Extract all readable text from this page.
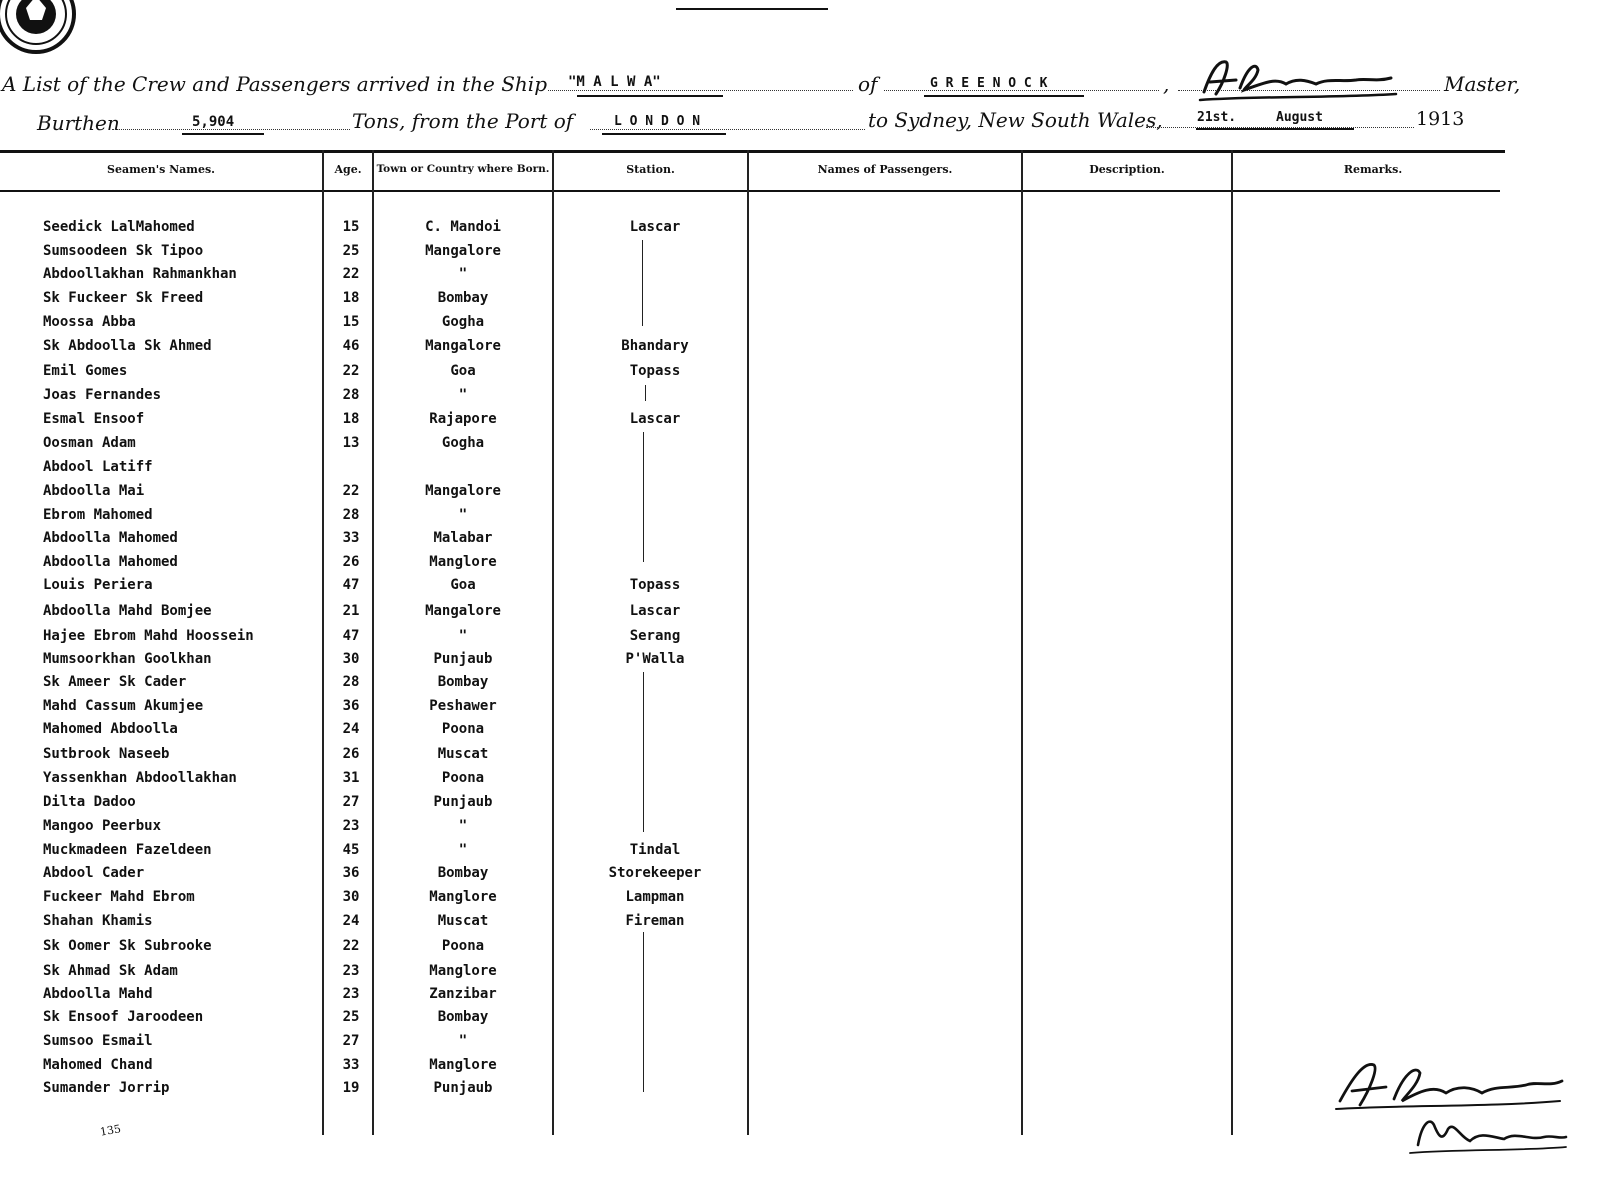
A List of the Crew and Passengers arrived in the Ship "M A L W A"	of	G R E E N O C K	,	Master,
Burthen	5,904	Tons, from the Port of	L O N D O N	to Sydney, New South Wales,	21st.	August	1913
Seamen's Names.	Age.	Town or Country where Born.	Station.	Names of Passengers.	Description.	Remarks.
Seedick LalMahomed	15	C. Mandoi	Lascar
Sumsoodeen Sk Tipoo	25	Mangalore
Abdoollakhan Rahmankhan	22	"
Sk Fuckeer Sk Freed	18	Bombay
Moossa Abba	15	Gogha
Sk Abdoolla Sk Ahmed	46	Mangalore	Bhandary
Emil Gomes	22	Goa	Topass
Joas Fernandes	28	"
Esmal Ensoof	18	Rajapore	Lascar
Oosman Adam	13	Gogha
Abdool Latiff
Abdoolla Mai	22	Mangalore
Ebrom Mahomed	28	"
Abdoolla Mahomed	33	Malabar
Abdoolla Mahomed	26	Manglore
Louis Periera	47	Goa	Topass
Abdoolla Mahd Bomjee	21	Mangalore	Lascar
Hajee Ebrom Mahd Hoossein	47	"	Serang
Mumsoorkhan Goolkhan	30	Punjaub	P'Walla
Sk Ameer Sk Cader	28	Bombay
Mahd Cassum Akumjee	36	Peshawer
Mahomed Abdoolla	24	Poona
Sutbrook Naseeb	26	Muscat
Yassenkhan Abdoollakhan	31	Poona
Dilta Dadoo	27	Punjaub
Mangoo Peerbux	23	"
Muckmadeen Fazeldeen	45	"	Tindal
Abdool Cader	36	Bombay	Storekeeper
Fuckeer Mahd Ebrom	30	Manglore	Lampman
Shahan Khamis	24	Muscat	Fireman
Sk Oomer Sk Subrooke	22	Poona
Sk Ahmad Sk Adam	23	Manglore
Abdoolla Mahd	23	Zanzibar
Sk Ensoof Jaroodeen	25	Bombay
Sumsoo Esmail	27	"
Mahomed Chand	33	Manglore
Sumander Jorrip	19	Punjaub
135
